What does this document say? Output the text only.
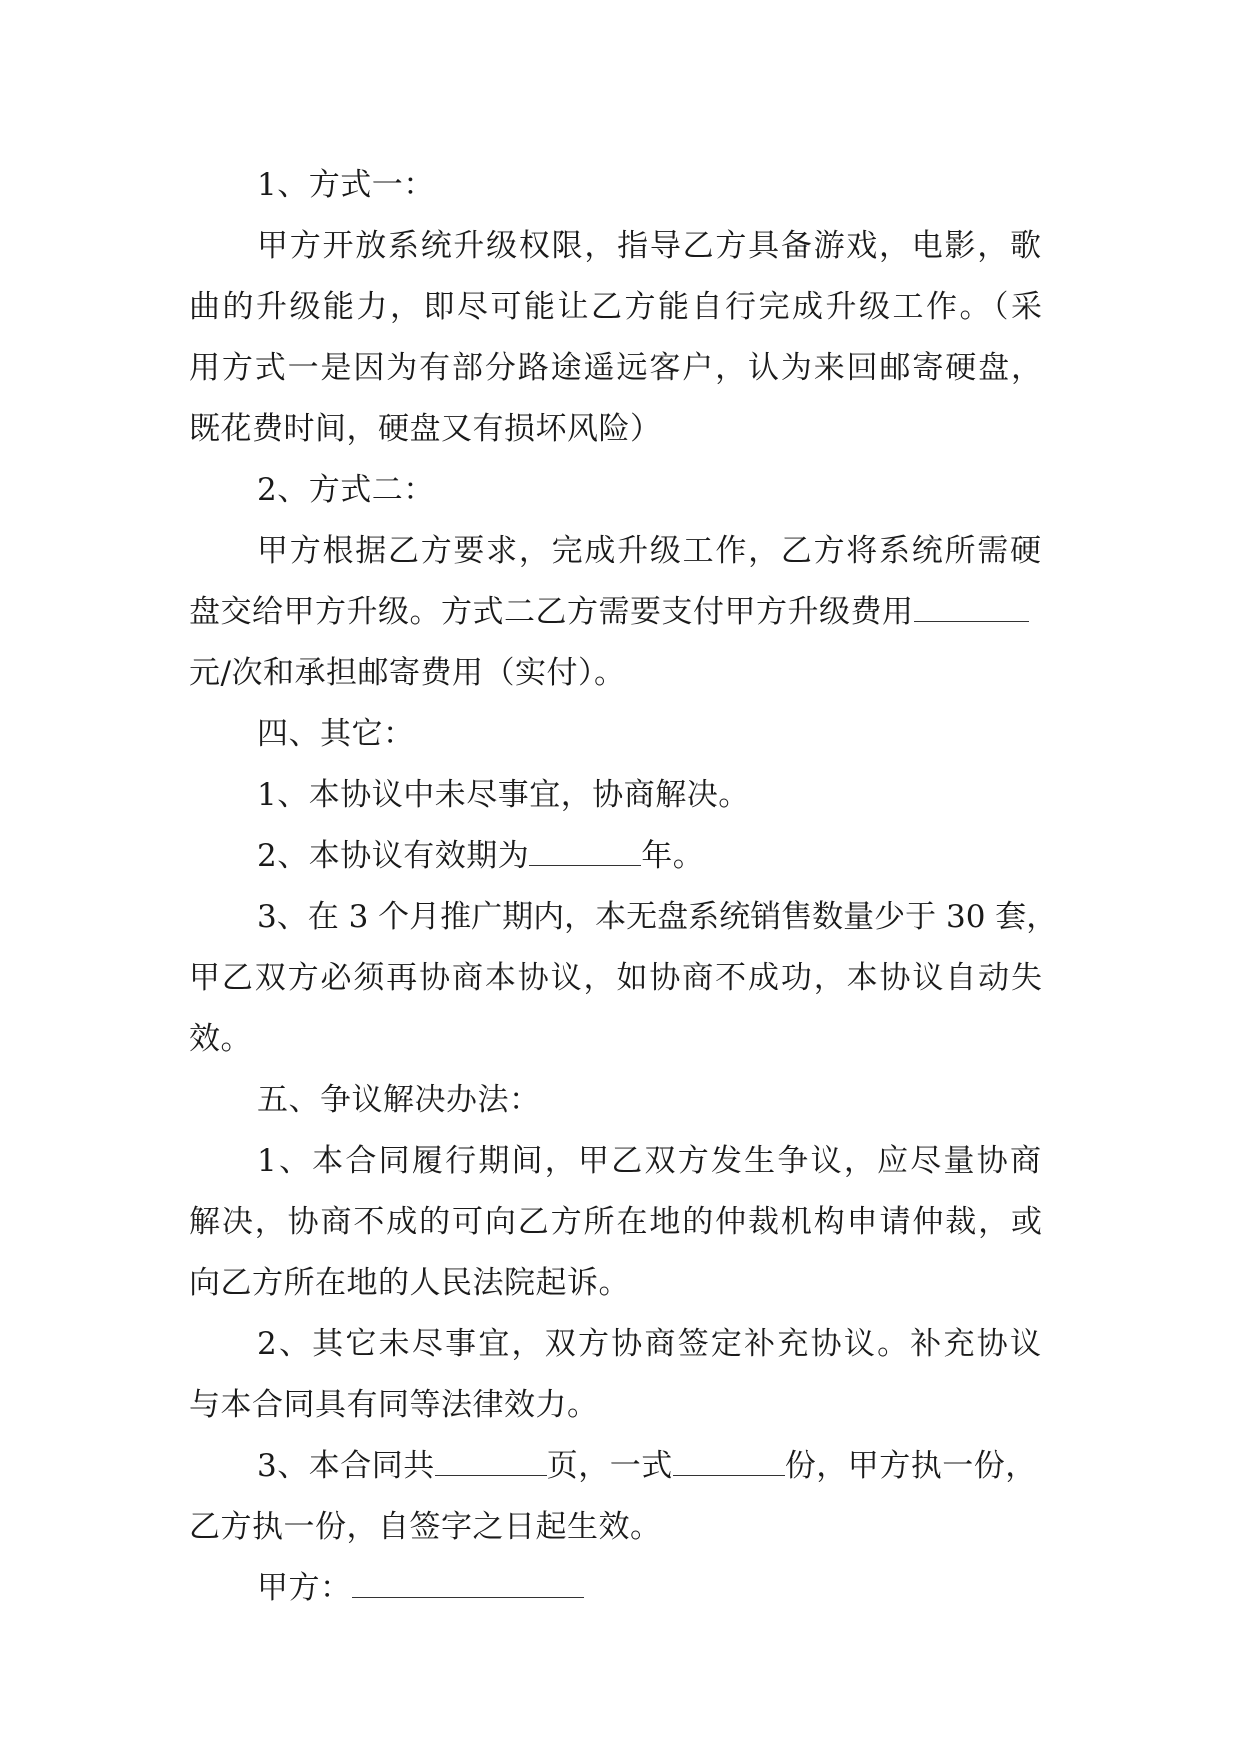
1、方式一：
甲方开放系统升级权限，指导乙方具备游戏，电影，歌
曲的升级能力，即尽可能让乙方能自行完成升级工作。（采
用方式一是因为有部分路途遥远客户，认为来回邮寄硬盘，
既花费时间，硬盘又有损坏风险）
2、方式二：
甲方根据乙方要求，完成升级工作，乙方将系统所需硬
盘交给甲方升级。方式二乙方需要支付甲方升级费用
元/次和承担邮寄费用（实付）。
四、其它：
1、本协议中未尽事宜，协商解决。
2、本协议有效期为	年。
3、在 3 个月推广期内，本无盘系统销售数量少于 30 套，
甲乙双方必须再协商本协议，如协商不成功，本协议自动失
效。
五、争议解决办法：
1、本合同履行期间，甲乙双方发生争议，应尽量协商
解决，协商不成的可向乙方所在地的仲裁机构申请仲裁，或
向乙方所在地的人民法院起诉。
2、其它未尽事宜，双方协商签定补充协议。补充协议
与本合同具有同等法律效力。
3、本合同共	页，一式	份，甲方执一份，
乙方执一份，自签字之日起生效。
甲方：
